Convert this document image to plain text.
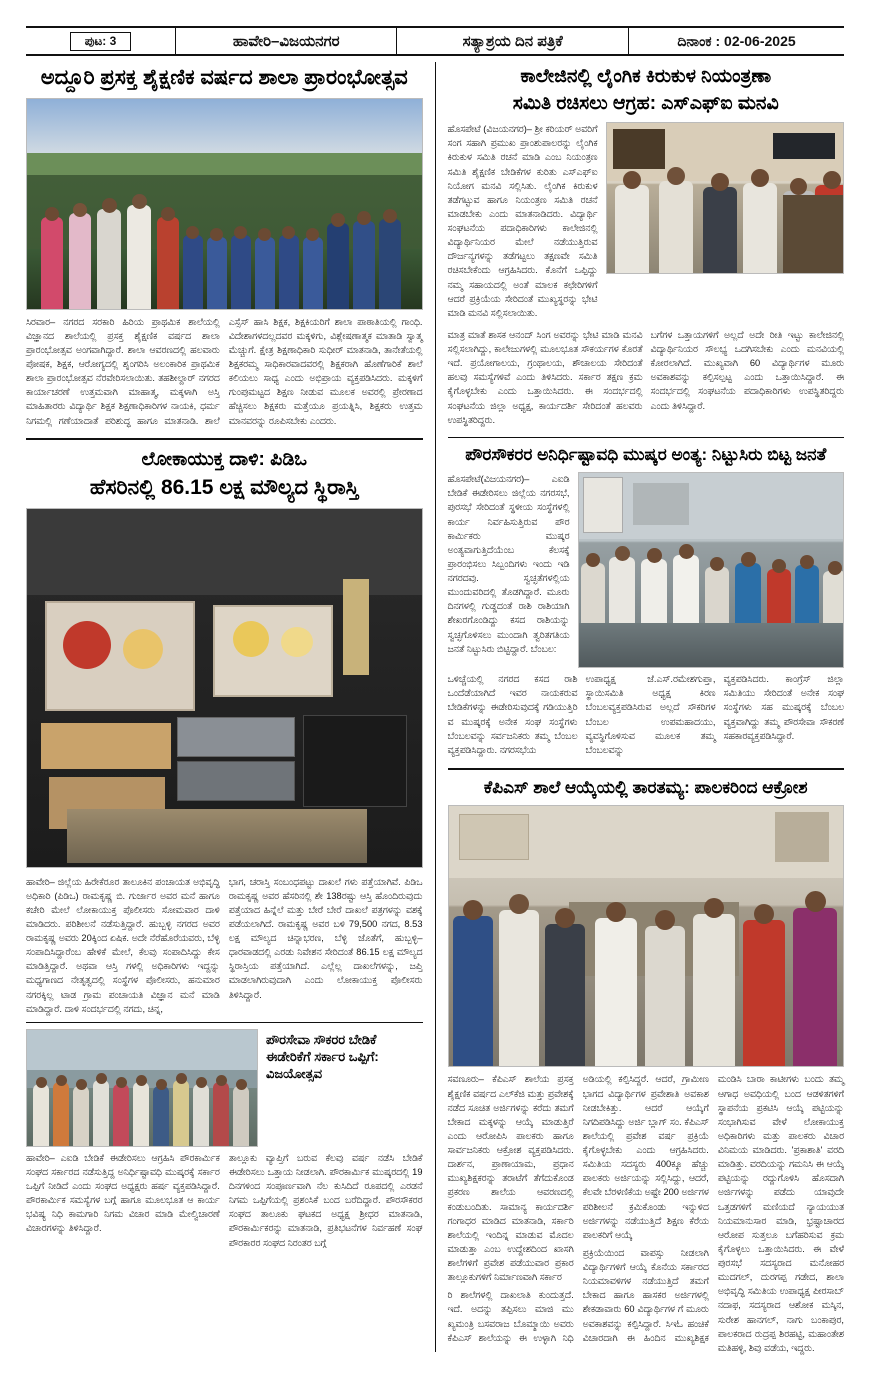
ಪುಟ: 3	ಹಾವೇರಿ–ವಿಜಯನಗರ	ಸತ್ಯಾಶ್ರಯ ದಿನ ಪತ್ರಿಕೆ	ದಿನಾಂಕ : 02-06-2025
ಅದ್ದೂರಿ ಪ್ರಸಕ್ತ ಶೈಕ್ಷಣಿಕ ವರ್ಷದ ಶಾಲಾ ಪ್ರಾರಂಭೋತ್ಸವ

ಸಿರವಾರ– ನಗರದ ಸರಕಾರಿ ಹಿರಿಯ ಪ್ರಾಥಮಿಕ ಶಾಲೆಯಲ್ಲಿ ವಿಜ್ಞಾನದ ಶಾಲೆಯಲ್ಲಿ ಪ್ರಸಕ್ತ ಶೈಕ್ಷಣಿಕ ವರ್ಷದ ಶಾಲಾ ಪ್ರಾರಂಭೋತ್ಸವ ಅಂಗವಾಗಿದ್ದಾರೆ. ಶಾಲಾ ಆವರಣದಲ್ಲಿ ಹಲವಾರು ಪೋಷಕ, ಶಿಕ್ಷಕ, ಆರೋಗ್ಯದಲ್ಲಿ ಶೃಂಗರಿಸಿ ಅಲಂಕಾರಿಕ ಪ್ರಾಥಮಿಕ ಶಾಲಾ ಪ್ರಾರಂಭೋತ್ಸವ ನೆರವೇರಿಸಲಾಯಿತು. ತಹಶೀಲ್ದಾರ್ ನಗರದ ಕಾರ್ಯಾಚರಣೆ ಉತ್ತಮವಾಗಿ ಮಾಹಾತ್ಮ, ಮಕ್ಕಳಾಗಿ ಅಸ್ತಿ ಮಾಹಿತಾರರು ವಿದ್ಯಾರ್ಥಿ ಶಿಕ್ಷಕ ಶಿಕ್ಷಣಾಧಿಕಾರಿಗಳ ನಾಯಕಿ, ಧರ್ಮ ನಿಗಮಲ್ಲಿ ಗಣೆಯಾದಾತೆ ಪರಿಶುದ್ಧ ಹಾಗೂ ಮಾತನಾಡಿ. ಶಾಲೆ ಎಸ್ಸೆಸ್ ಹಾಸಿ ಶಿಕ್ಷಕ, ಶಿಕ್ಷಕಿಯರಿಗೆ ಶಾಲಾ ಪಾಠಾತಿಯಲ್ಲಿ ಗಾಂಧಿ. ವಿದೇಶಾಗಳದಲ್ಲದವರ ಮಕ್ಕಳಿಗು, ವಿಶ್ಲೇಷಣಾತ್ಮಕ ಮಾತಾಡಿ ಸ್ವಾತ್ಮ ಮೆಚ್ಚುಗೆ. ಕ್ಷೇತ್ರ ಶಿಕ್ಷಣಾಧಿಕಾರಿ ಸುಧೀರ್ ಮಾತನಾಡಿ, ತಾನೇತೆಯಲ್ಲಿ ಶಿಕ್ಷಕರಮ್ಮ ಸಾಧಿಕಾರವಾದವರಲ್ಲಿ ಶಿಕ್ಷಕರಾಗಿ ಹೊಣೆಗಾರಿಕೆ ಶಾಲೆ ಕಲಿಯಲು ಸಾಧ್ಯ ಎಂದು ಅಭಿಪ್ರಾಯ ವ್ಯಕ್ತಪಡಿಸಿದರು. ಮಕ್ಕಳಿಗೆ ಗುಂಪುಮಟ್ಟದ ಶಿಕ್ಷಣ ನೀಡುವ ಮೂಲಕ ಅವರಲ್ಲಿ ಪ್ರೇರಣಾದ ಹೆಚ್ಚಿಸಲು ಶಿಕ್ಷಕರು ಮತ್ತೆಯೂ ಪ್ರಯತ್ನಿಸಿ, ಶಿಕ್ಷಕರು ಉತ್ತಮ ಮಾನವರನ್ನು ರೂಪಿಸಬೇಕು ಎಂದರು.

ಲೋಕಾಯುಕ್ತ ದಾಳಿ: ಪಿಡಿಒ
ಹೆಸರಿನಲ್ಲಿ 86.15 ಲಕ್ಷ ಮೌಲ್ಯದ ಸ್ಥಿರಾಸ್ತಿ

ಹಾವೇರಿ– ಜಿಲ್ಲೆಯ ಹಿರೇಕೆರೂರ ತಾಲೂಕಿನ ಪಂಚಾಯತ ಅಭಿವೃದ್ಧಿ ಅಧಿಕಾರಿ (ಪಿಡಿಒ) ರಾಮಕೃಷ್ಣ ಬಿ. ಗುರ್ಜಾರ ಅವರ ಮನೆ ಹಾಗೂ ಕಚೇರಿ ಮೇಲೆ ಲೋಕಾಯುಕ್ತ ಪೊಲೀಸರು ಸೋಮವಾರ ದಾಳಿ ಮಾಡಿದರು. ಪರಿಶೀಲನೆ ನಡೆಸುತ್ತಿದ್ದಾರೆ. ಹುಬ್ಬಳ್ಳಿ ನಗರದ ಅವರ ರಾಮಕೃಷ್ಣ ಅವರು 20ಕ್ಕಿಂದ ಏಷಿಕ. ಅದೇ ನೆರೆಹೊರೆಯವರು, ಬೆಳ್ಳಿ ಸಂಪಾದಿಸಿದ್ದಾರೆಂಬ ಹೇಳಿಕೆ ಮೇಲೆ, ಕೆಲವು ಸಂಪಾದಿಸಿದ್ದು ಕೇಸ ಮಾಡಿತ್ತಿದ್ದಾರೆ. ಅಥವಾ ಆಸ್ತಿ ಗಳಲ್ಲಿ ಅಧಿಕಾರಿಗಳು ಇದ್ದನ್ನು ಮಧ್ಯಗಾಣದ ನೇತೃತ್ವದಲ್ಲಿ ಸಂಸ್ಥೆಗಳ ಪೊಲೀಸರು, ಹನುಮಾರ ನಗರಕ್ಕಿಲ್ಲ ಟಾಡ ಗ್ರಾಮ ಪಂಚಾಯತಿ ವಿಜ್ಞಾನ ಮನೆ ಮಾಡಿ ಮಾಡಿದ್ದಾರೆ. ದಾಳಿ ಸಂದರ್ಭದಲ್ಲಿ ನಗದು, ಚಿನ್ನ,

ಭಾಗ, ಚರಾಸ್ತಿ ಸಂಬಂಧಪಟ್ಟು ದಾಖಲೆ ಗಳು ಪತ್ತೆಯಾಗಿವೆ. ಪಿಡಿಒ ರಾಮಕೃಷ್ಣ ಅವರ ಹೆಸರಿನಲ್ಲಿ ಶೇ 138ರಷ್ಟು ಆಸ್ತಿ ಹೊಂದಿರುವುದು ಪತ್ತೆಯಾದ ಹಿನ್ನೆಲೆ ಮತ್ತು ಬೇರೆ ಬೇರೆ ದಾಖಲೆ ಪತ್ರಗಳನ್ನು ವಶಕ್ಕೆ ಪಡೆಯಲಾಗಿದೆ. ರಾಮಕೃಷ್ಣ ಅವರ ಬಳಿ 79,500 ನಗದ, 8.53 ಲಕ್ಷ ಮೌಲ್ಯದ ಚಿನ್ನಾಭರಣ, ಬೆಳ್ಳಿ ಜೊತೆಗೆ, ಹುಬ್ಬಳ್ಳಿ–ಧಾರವಾಡದಲ್ಲಿ ಎರಡು ನಿವೇಶನ ಸೇರಿದಂತೆ 86.15 ಲಕ್ಷ ಮೌಲ್ಯದ ಸ್ಥಿರಾಸ್ತಿಯ ಪತ್ತೆಯಾಗಿದೆ. ಎಲ್ಲೆಲ್ಲ ದಾಖಲೆಗಳನ್ನು, ಜಪ್ತಿ ಮಾಡಲಾಗಿರುವುದಾಗಿ ಎಂದು ಲೋಕಾಯುಕ್ತ ಪೊಲೀಸರು ತಿಳಿಸಿದ್ದಾರೆ.

ಪೌರಸೇವಾ ಸೌಕರರ ಬೇಡಿಕೆ ಈಡೇರಿಕೆಗೆ ಸರ್ಕಾರ ಒಪ್ಪಿಗೆ: ವಿಜಯೋತ್ಸವ

ಹಾವೇರಿ– ಎಐಡಿ ಬೇಡಿಕೆ ಈಡೇರಿಸಲು ಆಗ್ರಹಿಸಿ ಪೌರಕಾರ್ಮಿಕ ಸಂಘದ ಸರ್ಕಾರದ ನಡೆಸುತ್ತಿದ್ದ ಅನಿರ್ಧಿಷ್ಟಾವಧಿ ಮುಷ್ಕರಕ್ಕೆ ಸರ್ಕಾರ ಒಪ್ಪಿಗೆ ನೀಡಿದೆ ಎಂದು ಸಂಘದ ಅಧ್ಯಕ್ಷರು ಹರ್ಷ ವ್ಯಕ್ತಪಡಿಸಿದ್ದಾರೆ. ಪೌರಕಾರ್ಮಿಕ ಸಮಸ್ಯೆಗಳ ಬಗ್ಗೆ ಹಾಗೂ ಮೂಲಭೂತ ಆ ಕಾರ್ಯ ಭವಿಷ್ಯ ನಿಧಿ ಕಾಮಗಾರಿ ನಿಗಮ ವಿಚಾರ ಮಾಡಿ ಮೇಲ್ವಿಚಾರಣೆ ವಿಚಾರಗಳನ್ನು ತಿಳಿಸಿದ್ದಾರೆ.

ತಾಲ್ಲೂಕು ವ್ಯಾಪ್ತಿಗೆ ಬರುವ ಕೆಲವು ವರ್ಷ ನಡೆಸಿ ಬೇಡಿಕೆ ಈಡೇರಿಸಲು ಒತ್ತಾಯ ನೀಡಲಾಗಿ. ಪೌರಕಾರ್ಮಿಕ ಮುಷ್ಕರದಲ್ಲಿ 19 ದಿನಗಳಿಂದ ಸಂಪೂರ್ಣವಾಗಿ ನೆಲ ಕುಸಿದಿದೆ ರೂಪದಲ್ಲಿ ಎರಡನೆ ನಿಗಮ ಒಪ್ಪಿಗೆಯಲ್ಲಿ ಪ್ರಶಂಸಿಕೆ ಬಂದ ಬರೆದಿದ್ದಾರೆ. ಪೌರಸೌಕರರ ಸಂಘದ ತಾಲೂಕು ಘಟಕದ ಅಧ್ಯಕ್ಷ ಶ್ರೀಧರ ಮಾತನಾಡಿ, ಪೌರಕಾರ್ಮಿಕರನ್ನು ಮಾತನಾಡಿ, ಪ್ರತಿಭಟನೆಗಳ ನಿರ್ವಹಣೆ ಸಂಘ ಪೌರಕಾರರ ಸಂಘದ ನಿರಂತರ ಬಗ್ಗೆ

ಕಾಲೇಜಿನಲ್ಲಿ ಲೈಂಗಿಕ ಕಿರುಕುಳ ನಿಯಂತ್ರಣಾ
ಸಮಿತಿ ರಚಿಸಲು ಆಗ್ರಹ: ಎಸ್‌ಎಫ್‌ಐ ಮನವಿ

ಹೊಸಪೇಟೆ (ವಿಜಯನಗರ)– ಶ್ರೀ ಕರಿಯರ್ ಅವರಿಗೆ ಸಂಗ ಸಹಾಗಿ ಪ್ರಮುಖ ಪ್ರಾಂಶುಪಾಲರನ್ನು ಲೈಂಗಿಕ ಕಿರುಕುಳ ಸಮಿತಿ ರಚನೆ ಮಾಡಿ ಎಂಬ ನಿಯಂತ್ರಣ ಸಮಿತಿ ಶೈಕ್ಷಣಿಕ ಬೇಡಿಕೆಗಳ ಕುರಿತು ಎಸ್‌ಎಫ್‌ಐ ನಿಯೋಗ ಮನವಿ ಸಲ್ಲಿಸಿತು. ಲೈಂಗಿಕ ಕಿರುಕುಳ ತಡೆಗಟ್ಟುವ ಹಾಗೂ ನಿಯಂತ್ರಣ ಸಮಿತಿ ರಚನೆ ಮಾಡಬೇಕು ಎಂದು ಮಾತನಾಡಿದರು. ವಿದ್ಯಾರ್ಥಿ ಸಂಘಟನೆಯ ಪದಾಧಿಕಾರಿಗಳು ಕಾಲೇಜಿನಲ್ಲಿ ವಿದ್ಯಾರ್ಥಿನಿಯರ ಮೇಲೆ ನಡೆಯುತ್ತಿರುವ ದೌರ್ಜನ್ಯಗಳನ್ನು ತಡೆಗಟ್ಟಲು ತಕ್ಷಣವೇ ಸಮಿತಿ ರಚಿಸಬೇಕೆಂದು ಆಗ್ರಹಿಸಿದರು. ಕೊನೆಗೆ ಒಪ್ಪಿದ್ದು ನಮ್ಮ ಸಹಾಯದಲ್ಲಿ ಅಂತೆ ಮಾಲಕ ಕಛೇರಿಗಳಿಗೆ ಆದರೆ ಪ್ರಕ್ರಿಯೆಯ ಸೇರಿದಂತೆ ಮುಖ್ಯಸ್ಥರನ್ನು ಭೇಟಿ ಮಾಡಿ ಮನವಿ ಸಲ್ಲಿಸಲಾಯಿತು.

ಮಾತ್ರ ಮಾತೆ ಶಾಸಕ ಆನಂದ್ ಸಿಂಗ ಅವರನ್ನು ಭೇಟಿ ಮಾಡಿ ಮನವಿ ಸಲ್ಲಿಸಲಾಗಿದ್ದು, ಕಾಲೇಜುಗಳಲ್ಲಿ ಮೂಲಭೂತ ಸೌಕರ್ಯಗಳ ಕೊರತೆ ಇದೆ. ಪ್ರಯೋಗಾಲಯ, ಗ್ರಂಥಾಲಯ, ಶೌಚಾಲಯ ಸೇರಿದಂತೆ ಹಲವು ಸಮಸ್ಯೆಗಳಿವೆ ಎಂದು ತಿಳಿಸಿದರು. ಸರ್ಕಾರ ತಕ್ಷಣ ಕ್ರಮ ಕೈಗೊಳ್ಳಬೇಕು ಎಂದು ಒತ್ತಾಯಿಸಿದರು. ಈ ಸಂದರ್ಭದಲ್ಲಿ ಸಂಘಟನೆಯ ಜಿಲ್ಲಾ ಅಧ್ಯಕ್ಷ, ಕಾರ್ಯದರ್ಶಿ ಸೇರಿದಂತೆ ಹಲವರು ಉಪಸ್ಥಿತರಿದ್ದರು.

ಬಗೆಗಳ ಒತ್ತಾಯಗಳಿಗೆ ಅಲ್ಲದೆ ಅದೇ ರೀತಿ ಇಟ್ಟು ಕಾಲೇಜಿನಲ್ಲಿ ವಿದ್ಯಾರ್ಥಿನಿಯರ ಸೌಲಭ್ಯ ಒದಗಿಸಬೇಕು ಎಂದು ಮನವಿಯಲ್ಲಿ ಕೋರಲಾಗಿದೆ. ಮುಖ್ಯವಾಗಿ 60 ವಿದ್ಯಾರ್ಥಿಗಳ ಮೂರು ಅವಕಾಶವನ್ನು ಕಲ್ಪಿಸಲ್ಪಟ್ಟ ಎಂದು ಒತ್ತಾಯಿಸಿದ್ದಾರೆ. ಈ ಸಂದರ್ಭದಲ್ಲಿ ಸಂಘಟನೆಯ ಪದಾಧಿಕಾರಿಗಳು ಉಪಸ್ಥಿತರಿದ್ದರು ಎಂದು ತಿಳಿಸಿದ್ದಾರೆ.

ಪೌರಸೌಕರರ ಅನಿರ್ಧಿಷ್ಟಾವಧಿ ಮುಷ್ಕರ ಅಂತ್ಯ: ನಿಟ್ಟುಸಿರು ಬಿಟ್ಟ ಜನತೆ

ಹೊಸಪೇಟೆ(ವಿಜಯನಗರ)– ಎಐಡಿ ಬೇಡಿಕೆ ಈಡೇರಿಸಲು ಜಿಲ್ಲೆಯ ನಗರಸಭೆ, ಪುರಸಭೆ ಸೇರಿದಂತೆ ಸ್ಥಳೀಯ ಸಂಸ್ಥೆಗಳಲ್ಲಿ ಕಾರ್ಯ ನಿರ್ವಹಿಸುತ್ತಿರುವ ಪೌರ ಕಾರ್ಮಿಕರು ಮುಷ್ಕರ ಅಂತ್ಯವಾಗುತ್ತಿದೆಯೆಂಬ ಕೆಲಸಕ್ಕೆ ಪ್ರಾರಂಭಿಸಲು ಸಿಬ್ಬಂದಿಗಳು ಇಂದು ಇಡಿ ನಗರದವು. ಸ್ವಚ್ಛತೆಗಳಲ್ಲಿಯ ಮುಂದುವರಿದಲ್ಲಿ ತೊಡಗಿದ್ದಾರೆ. ಮೂರು ದಿನಗಳಲ್ಲಿ ಗುಡ್ಡದಂತೆ ರಾಶಿ ರಾಶಿಯಾಗಿ ಶೇಖರಗೊಂಡಿದ್ದು ಕಸದ ರಾಶಿಯನ್ನು ಸ್ವಚ್ಛಗೊಳಿಸಲು ಮುಂದಾಗಿ ತ್ವರಿತಗತಿಯ ಜನತೆ ನಿಟ್ಟುಸಿರು ಬಿಟ್ಟಿದ್ದಾರೆ. ಬೆಂಬಲ:

ಒಳಿಚ್ಚೆಯಲ್ಲಿ ನಗರದ ಕಸದ ರಾಶಿ ಒಂದೆಡೆಯಾಗಿದೆ ಇವರ ನಾಯಕರುವ ಬೇಡಿಕೆಗಳನ್ನು ಈಡೇರಿಸುವುದಕ್ಕೆ ಗಡಿಯುತ್ತಿರಿ ವ ಮುಷ್ಕರಕ್ಕೆ ಅನೇಕ ಸಂಘ ಸಂಸ್ಥೆಗಳು ಬೆಂಬಲವನ್ನು ಸರ್ವಜನಿಕರು ತಮ್ಮ ಬೆಂಬಲ ವ್ಯಕ್ತಪಡಿಸಿದ್ದಾರು. ನಗರಸಭೆಯ

ಉಪಾಧ್ಯಕ್ಷ ಜೆ.ಎಸ್.ರಮೇಶಗುಪ್ತಾ, ಸ್ಥಾಯಿಸಮಿತಿ ಅಧ್ಯಕ್ಷ ಕಿರಣ ಬೆಂಬಲವ್ಯಕ್ತಪಡಿಸಿರುವ ಅಲ್ಲದೆ ಸೌಕರಿಗಳ ಬೆಂಬಲ ಉಪಮಹಾದಯು, ವ್ಯವಸ್ಥಿಗೊಳಿಸುವ ಮೂಲಕ ತಮ್ಮ ಬೆಂಬಲವನ್ನು

ವ್ಯಕ್ತಪಡಿಸಿದರು. ಕಾಂಗ್ರೆಸ್ ಜಿಲ್ಲಾ ಸಮಿತಿಯು ಸೇರಿದಂತೆ ಅನೇಕ ಸಂಘ ಸಂಸ್ಥೆಗಳು ಸಹ ಮುಷ್ಕರಕ್ಕೆ ಬೆಂಬಲ ವ್ಯಕ್ತವಾಗಿದ್ದು ತಮ್ಮ ಪೌರಸೇವಾ ಸೌಕರಣೆ ಸಹಕಾರವ್ಯಕ್ತಪಡಿಸಿದ್ದಾರೆ.

ಕೆಪಿಎಸ್ ಶಾಲೆ ಆಯ್ಕೆಯಲ್ಲಿ ತಾರತಮ್ಯ: ಪಾಲಕರಿಂದ ಆಕ್ರೋಶ

ಸವಣೂರು– ಕೆಪಿಎಸ್ ಶಾಲೆಯ ಪ್ರಸಕ್ತ ಶೈಕ್ಷಣಿಕ ವರ್ಷದ ಎಲ್‌ಕೆಜಿ ಮತ್ತು ಪ್ರವೇಶಕ್ಕೆ ನಡೆದ ಸೂಚಿತ ಅರ್ಜಿಗಳನ್ನು ಕರೆದು ತಮಗೆ ಬೇಕಾದ ಮಕ್ಕಳನ್ನು ಆಯ್ಕೆ ಮಾಡುತ್ತಿರೆ ಎಂದು ಆರೋಪಿಸಿ ಪಾಲಕರು ಹಾಗೂ ಸಾರ್ವಜನಿಕರು ಆಕ್ರೋಶ ವ್ಯಕ್ತಪಡಿಸಿದರು. ದಾರ್ಶನ, ಪ್ರಾಣಾಯಾಮ, ಪ್ರಧಾನ ಮುಖ್ಯಶಿಕ್ಷಕರನ್ನು ತರಾಟೆಗೆ ತೆಗೆದುಕೊಂಡ ಪ್ರಕರಣ ಶಾಲೆಯ ಆವರಣದಲ್ಲಿ ಕಂಡುಬಂದಿತು. ಸಾಮಾನ್ಯ ಕಾರ್ಯದರ್ಶಿ ಗಂಗಾಧರ ಮಾಡಿದ ಮಾತನಾಡಿ, ಸರ್ಕಾರಿ ಶಾಲೆಯಲ್ಲಿ ಇಂದಿನ್ನ ಮಾಡುವ ಮೊದಲ ಮಾಡುತ್ತಾ ಎಂಬ ಉದ್ದೇಶದಿಂದ ಖಾಸಗಿ ಶಾಲೆಗಳಿಗೆ ಪ್ರವೇಶ ಪಡೆಯುವಾರ ಪ್ರಕಾರ ತಾಲ್ಲೂಕುಗಳಿಗೆ ನಿರ್ಮಾಣವಾಗಿ ಸರ್ಕಾರ

ರಿ ಶಾಲೆಗಳಲ್ಲಿ ದಾಖಲಾತಿ ಕುಂದುತ್ತದೆ. ಇದೆ. ಅದನ್ನು ತಪ್ಪಿಸಲು ಮಾಜಿ ಮು ಖ್ಯಮಂತ್ರಿ ಬಸವರಾಜ ಬೊಮ್ಮಾಯಿ ಅವರು ಕೆಪಿಎಸ್ ಶಾಲೆಯನ್ನು ಈ ಉಳ್ಳಾಗಿ ನಿಧಿ ಅಡಿಯಲ್ಲಿ ಕಲ್ಪಿಸಿದ್ದರೆ. ಆದರೆ, ಗ್ರಾಮೀಣ ಭಾಗದ ವಿದ್ಯಾರ್ಥಿಗಳ ಪ್ರವೇಶಾತಿ ಅವಕಾಶ ನೀಡಬೇಕಿತ್ತು. ಆದರೆ ಆಯ್ಕೆಗೆ ನಿಗದಿಪಡಿಸಿದ್ದು ಅರ್ಜಿ ಬ್ಲಾಗ್ ಸಂ. ಕೆಪಿಎಸ್ ಶಾಲೆಯಲ್ಲಿ ಪ್ರವೇಶ ವರ್ಷ ಪ್ರಕ್ರಿಯೆ ಕೈಗೊಳ್ಳಬೇಕು ಎಂದು ಆಗ್ರಹಿಸಿದರು. ಸಮಿತಿಯ ಸದಸ್ಯರು 400ಕ್ಕೂ ಹೆಚ್ಚು ಪಾಲಕರು ಅರ್ಜಿಯನ್ನು ಸಲ್ಲಿಸಿದ್ದು, ಆದರೆ, ಕೆಲವೇ ಬೆರಳಣಿಕೆಯ ಅಷ್ಟೇ 200 ಅರ್ಜಿಗಳ ಪರಿಶೀಲನೆ ಕ್ರಮಿಕೊಂಡು ಇನ್ನುಳಿದ ಅರ್ಜಿಗಳನ್ನು ನಡೆಯುತ್ತಿದೆ ಶಿಕ್ಷಣ ಕೆರೆಯ ಪಾಲಕರಿಗೆ ಆಯ್ಕೆ

ಪ್ರಕ್ರಿಯೆಯಿಂದ ವಾಪಸ್ಸು ನೀಡಲಾಗಿ ವಿದ್ಯಾರ್ಥಿಗಳಿಗೆ ಆಯ್ಕೆ ಕೊನೆಯ ಸರ್ಕಾರದ ನಿಯಮಾವಳಿಗಳ ನಡೆಯುತ್ತಿದೆ ತಮಗೆ ಬೇಕಾದ ಹಾಗೂ ಹಾಸಕರ ಅರ್ಜಿಗಳಲ್ಲಿ ಶೇಕಡಾವಾರು 60 ವಿದ್ಯಾರ್ಥಿಗಳ ಗೆ ಮೂರು ಅವಕಾಶವನ್ನು ಕಲ್ಪಿಸಿದ್ದಾರೆ. ಸಿಇಓ ಹಂಚಿಕೆ ವಿಚಾರದಾಗಿ ಈ ಹಿಂದಿನ ಮುಖ್ಯಶಿಕ್ಷಕ ಮಂಡಿಸಿ ಬಾರಾ ಕಾಟೀಗಳು ಬಂದು ತಮ್ಮ ಆಗಾಧ ಅವಧಿಯಲ್ಲಿ ಬಂದ ಆಡಳಿತಗಳಿಗೆ ಸ್ಥಾಪನೆಯ ಪ್ರಕಟಿಸಿ ಆಯ್ಕೆ ಪಟ್ಟಿಯನ್ನು ಸಂಭಾಗಿಸುವ ವೇಳೆ ಲೋಕಾಯುಕ್ತ ಅಧಿಕಾರಿಗಳು ಮತ್ತು ಪಾಲಕರು ವಿಚಾರ ವಿನಿಮಯ ಮಾಡಿದರು. 'ಪ್ರಕಾಶಾತಿ' ವರದಿ ಮಾಡಿತ್ತು. ವರದಿಯನ್ನು ಗಮನಿಸಿ ಈ ಆಯ್ಕೆ ಪಟ್ಟಿಯನ್ನು ರದ್ದುಗೊಳಿಸಿ ಹೊಸದಾಗಿ ಅರ್ಜಿಗಳನ್ನು ಪಡೆದು ಯಾವುದೇ ಒತ್ತಡಗಳಿಗೆ ಮಣಿಯದೆ ನ್ಯಾಯಯುತ ನಿಯಮಾನುಸಾರ ಮಾಡಿ, ಭ್ರಷ್ಟಾಚಾರದ ಆರೋಪ ಸುತ್ತಲೂ ಬಗೆಹರಿಸುವ ಕ್ರಮ ಕೈಗೊಳ್ಳಲು ಒತ್ತಾಯಿಸಿದರು. ಈ ವೇಳೆ ಪುರಸಭೆ ಸದಸ್ಯರಾದ ಮನೋಹರ ಮುದಗಲ್, ದುರಗಪ್ಪ ಗಡೇದ, ಶಾಲಾ ಅಭಿವೃದ್ಧಿ ಸಮಿತಿಯ ಉಪಾಧ್ಯಕ್ಷ ಪೀರಸಾಬ್ ನದಾಫ, ಸದಸ್ಯರಾದ ಆಶೋಕ ಮಸ್ಕಿನ, ಸುರೇಶ ಹಾನಗಲ್, ನಾಗು ಬಂಕಾಪುರ, ಪಾಲಕರಾದ ರುದ್ರಪ್ಪ ಶಿರಹಟ್ಟಿ, ಮಹಾಂತೇಶ ಮತಿಹಳ್ಳಿ, ಶಿವು ವಡೆಯ, ಇದ್ದರು.
